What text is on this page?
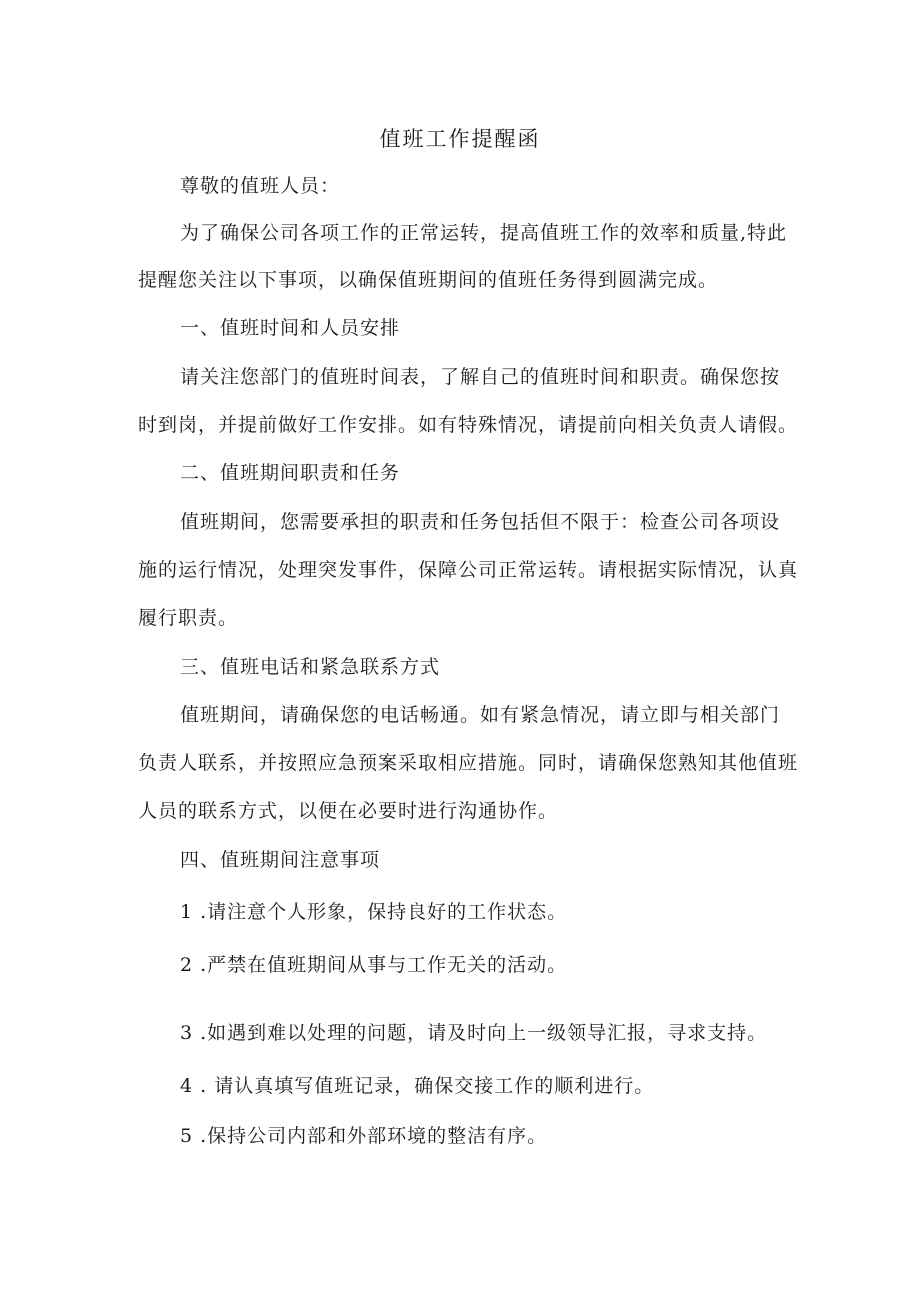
值班工作提醒函
尊敬的值班人员：
为了确保公司各项工作的正常运转，提高值班工作的效率和质量,特此
提醒您关注以下事项，以确保值班期间的值班任务得到圆满完成。
一、值班时间和人员安排
请关注您部门的值班时间表，了解自己的值班时间和职责。确保您按
时到岗，并提前做好工作安排。如有特殊情况，请提前向相关负责人请假。
二、值班期间职责和任务
值班期间，您需要承担的职责和任务包括但不限于：检查公司各项设
施的运行情况，处理突发事件，保障公司正常运转。请根据实际情况，认真
履行职责。
三、值班电话和紧急联系方式
值班期间，请确保您的电话畅通。如有紧急情况，请立即与相关部门
负责人联系，并按照应急预案采取相应措施。同时，请确保您熟知其他值班
人员的联系方式，以便在必要时进行沟通协作。
四、值班期间注意事项
1 .请注意个人形象，保持良好的工作状态。
2 .严禁在值班期间从事与工作无关的活动。
3 .如遇到难以处理的问题，请及时向上一级领导汇报，寻求支持。
4 . 请认真填写值班记录，确保交接工作的顺利进行。
5 .保持公司内部和外部环境的整洁有序。
